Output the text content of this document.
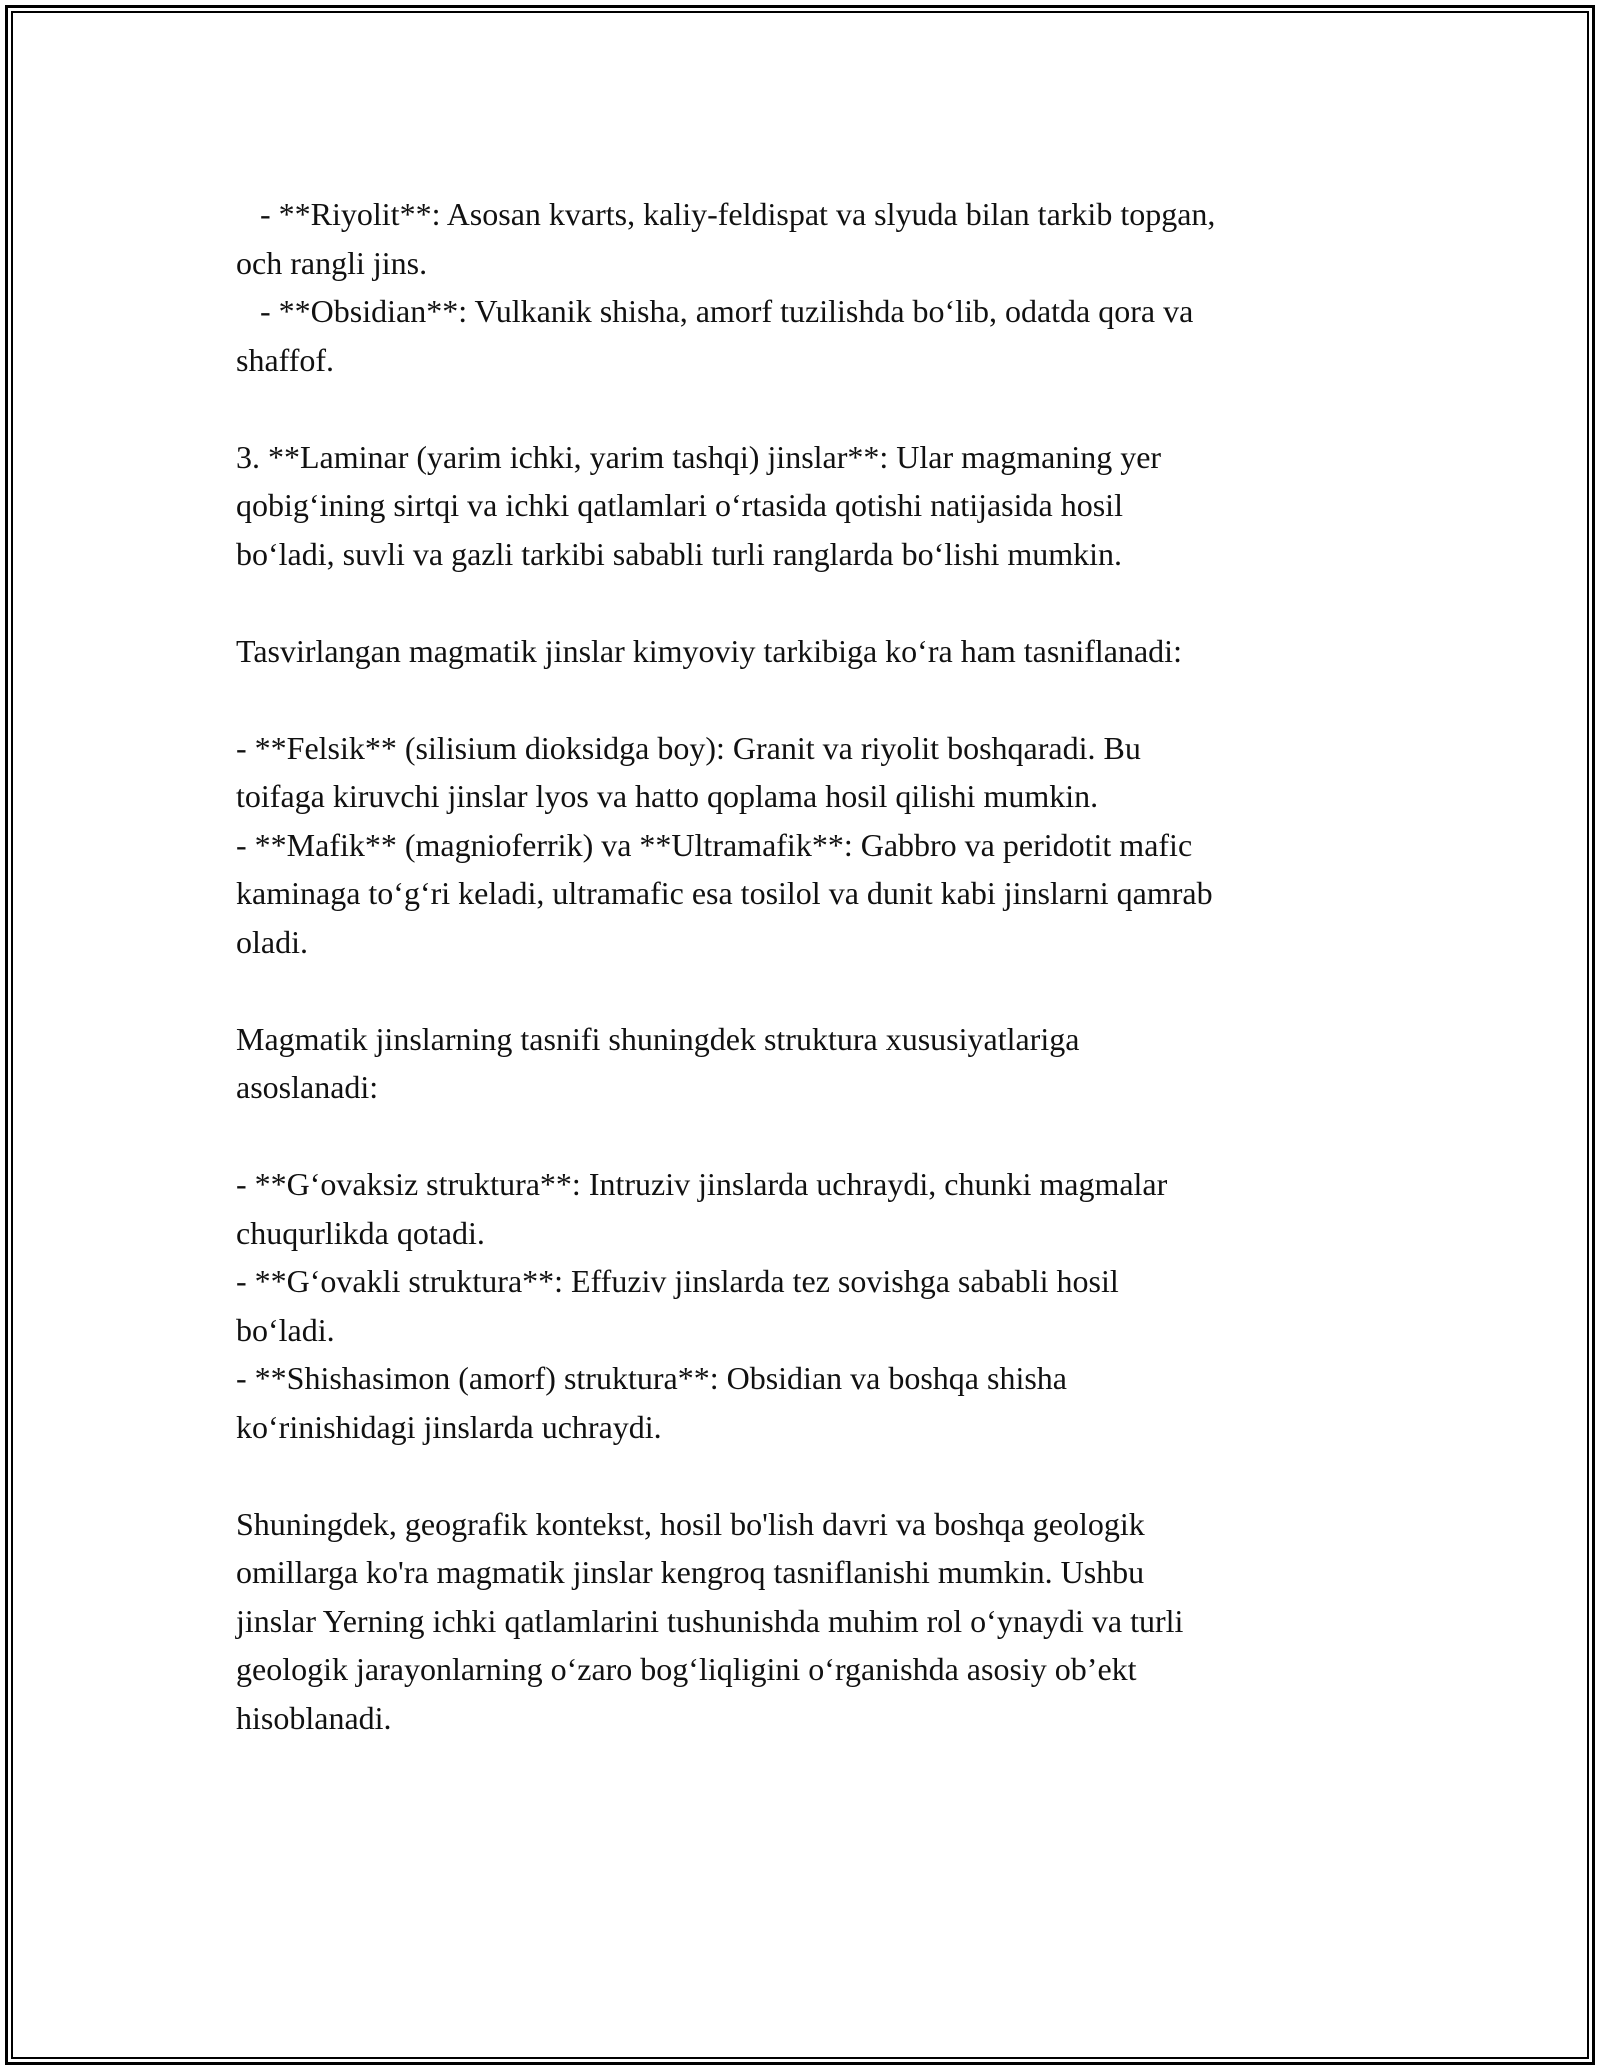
- **Riyolit**: Asosan kvarts, kaliy-feldispat va slyuda bilan tarkib topgan,
och rangli jins.
- **Obsidian**: Vulkanik shisha, amorf tuzilishda bo‘lib, odatda qora va
shaffof.
3. **Laminar (yarim ichki, yarim tashqi) jinslar**: Ular magmaning yer
qobig‘ining sirtqi va ichki qatlamlari o‘rtasida qotishi natijasida hosil
bo‘ladi, suvli va gazli tarkibi sababli turli ranglarda bo‘lishi mumkin.
Tasvirlangan magmatik jinslar kimyoviy tarkibiga ko‘ra ham tasniflanadi:
- **Felsik** (silisium dioksidga boy): Granit va riyolit boshqaradi. Bu
toifaga kiruvchi jinslar lyos va hatto qoplama hosil qilishi mumkin.
- **Mafik** (magnioferrik) va **Ultramafik**: Gabbro va peridotit mafic
kaminaga to‘g‘ri keladi, ultramafic esa tosilol va dunit kabi jinslarni qamrab
oladi.
Magmatik jinslarning tasnifi shuningdek struktura xususiyatlariga
asoslanadi:
- **G‘ovaksiz struktura**: Intruziv jinslarda uchraydi, chunki magmalar
chuqurlikda qotadi.
- **G‘ovakli struktura**: Effuziv jinslarda tez sovishga sababli hosil
bo‘ladi.
- **Shishasimon (amorf) struktura**: Obsidian va boshqa shisha
ko‘rinishidagi jinslarda uchraydi.
Shuningdek, geografik kontekst, hosil bo'lish davri va boshqa geologik
omillarga ko'ra magmatik jinslar kengroq tasniflanishi mumkin. Ushbu
jinslar Yerning ichki qatlamlarini tushunishda muhim rol o‘ynaydi va turli
geologik jarayonlarning o‘zaro bog‘liqligini o‘rganishda asosiy ob’ekt
hisoblanadi.
